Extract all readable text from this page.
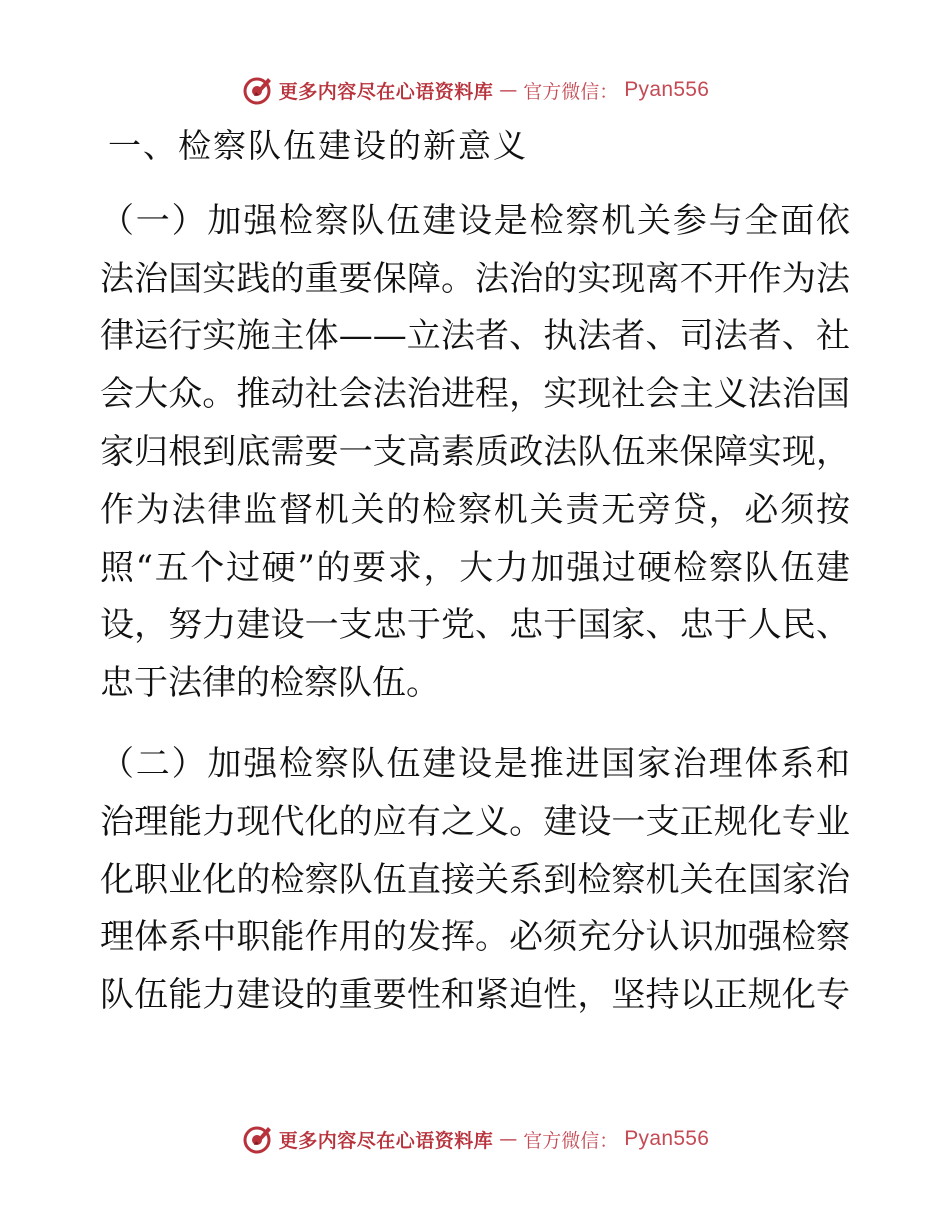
更多内容尽在心语资料库 — 官方微信： Pyan556
一、检察队伍建设的新意义
（一）加强检察队伍建设是检察机关参与全面依
法治国实践的重要保障。法治的实现离不开作为法
律运行实施主体——立法者、执法者、司法者、社
会大众。推动社会法治进程，实现社会主义法治国
家归根到底需要一支高素质政法队伍来保障实现，
作为法律监督机关的检察机关责无旁贷，必须按
照“五个过硬”的要求，大力加强过硬检察队伍建
设，努力建设一支忠于党、忠于国家、忠于人民、
忠于法律的检察队伍。
（二）加强检察队伍建设是推进国家治理体系和
治理能力现代化的应有之义。建设一支正规化专业
化职业化的检察队伍直接关系到检察机关在国家治
理体系中职能作用的发挥。必须充分认识加强检察
队伍能力建设的重要性和紧迫性，坚持以正规化专
更多内容尽在心语资料库 — 官方微信： Pyan556
